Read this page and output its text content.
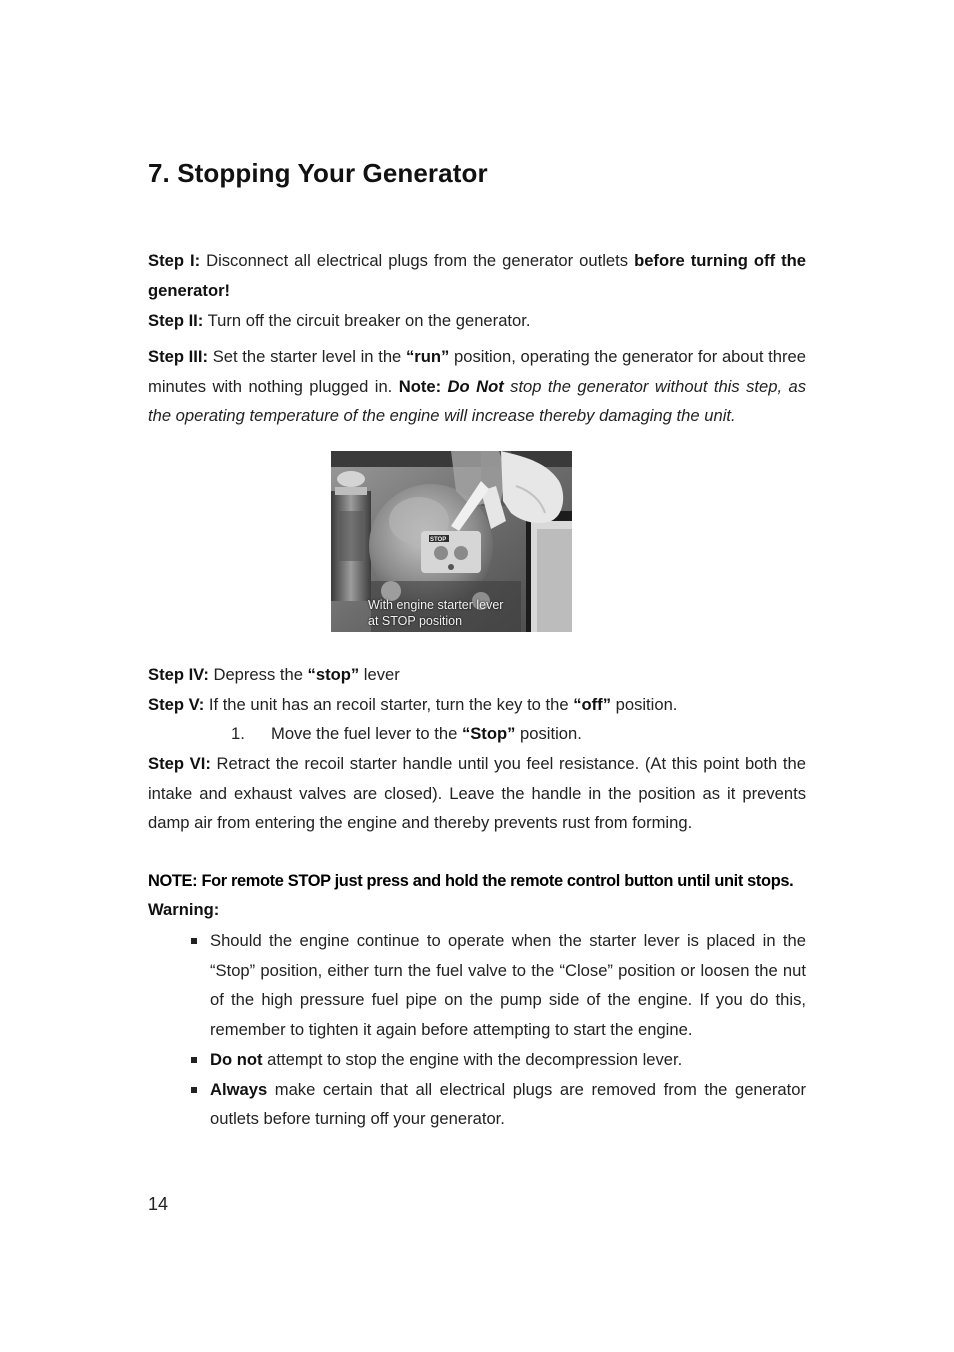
7. Stopping Your Generator

Step I: Disconnect all electrical plugs from the generator outlets before turning off the generator!

Step II: Turn off the circuit breaker on the generator.

Step III: Set the starter level in the “run” position, operating the generator for about three minutes with nothing plugged in. Note: Do Not stop the generator without this step, as the operating temperature of the engine will increase thereby damaging the unit.

STOP
With engine starter lever
at STOP position

Step IV: Depress the “stop” lever

Step V: If the unit has an recoil starter, turn the key to the “off” position.

1. Move the fuel lever to the “Stop” position.

Step VI: Retract the recoil starter handle until you feel resistance. (At this point both the intake and exhaust valves are closed). Leave the handle in the position as it prevents damp air from entering the engine and thereby prevents rust from forming.

NOTE: For remote STOP just press and hold the remote control button until unit stops.
Warning:
Should the engine continue to operate when the starter lever is placed in the “Stop” position, either turn the fuel valve to the “Close” position or loosen the nut of the high pressure fuel pipe on the pump side of the engine. If you do this, remember to tighten it again before attempting to start the engine.
Do not attempt to stop the engine with the decompression lever.
Always make certain that all electrical plugs are removed from the generator outlets before turning off your generator.
14
